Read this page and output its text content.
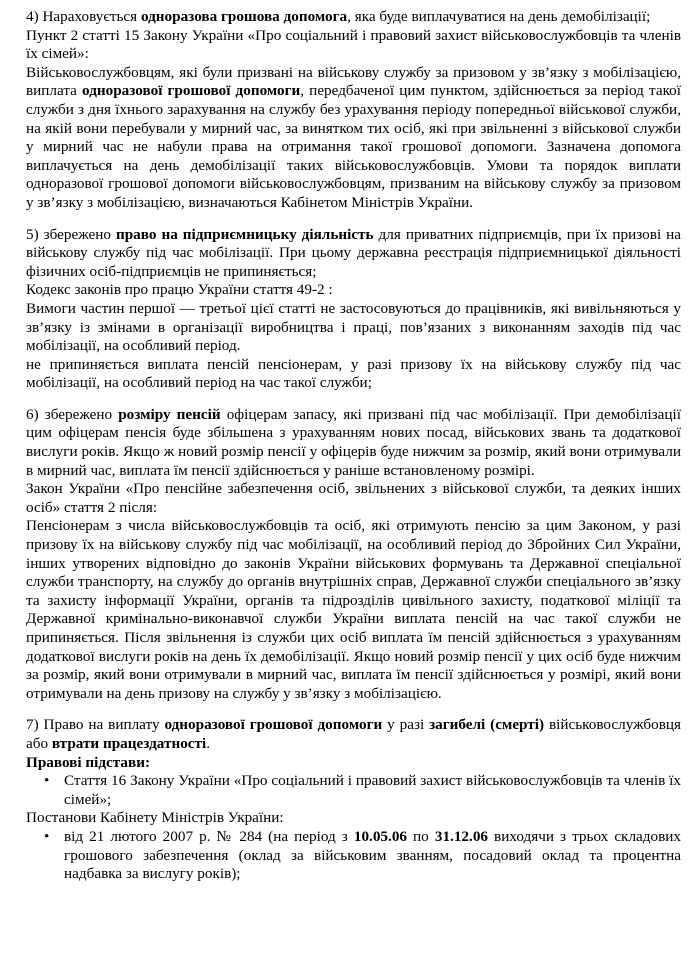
4) Нараховується одноразова грошова допомога, яка буде виплачуватися на день демобілізації;

Пункт 2 статті 15 Закону України «Про соціальний і правовий захист військовослужбовців та членів їх сімей»:

Військовослужбовцям, які були призвані на військову службу за призовом у зв’язку з мобілізацією, виплата одноразової грошової допомоги, передбаченої цим пунктом, здійснюється за період такої служби з дня їхнього зарахування на службу без урахування періоду попередньої військової служби, на якій вони перебували у мирний час, за винятком тих осіб, які при звільненні з військової служби у мирний час не набули права на отримання такої грошової допомоги. Зазначена допомога виплачується на день демобілізації таких військовослужбовців. Умови та порядок виплати одноразової грошової допомоги військовослужбовцям, призваним на військову службу за призовом у зв’язку з мобілізацією, визначаються Кабінетом Міністрів України.

5) збережено право на підприємницьку діяльність для приватних підприємців, при їх призові на військову службу під час мобілізації. При цьому державна реєстрація підприємницької діяльності фізичних осіб-підприємців не припиняється;

Кодекс законів про працю України стаття 49-2 :

Вимоги частин першої — третьої цієї статті не застосовуються до працівників, які вивільняються у зв’язку із змінами в організації виробництва і праці, пов’язаних з виконанням заходів під час мобілізації, на особливий період.

не припиняється виплата пенсій пенсіонерам, у разі призову їх на військову службу під час мобілізації, на особливий період на час такої служби;

6) збережено розміру пенсій офіцерам запасу, які призвані під час мобілізації. При демобілізації цим офіцерам пенсія буде збільшена з урахуванням нових посад, військових звань та додаткової вислуги років. Якщо ж новий розмір пенсії у офіцерів буде нижчим за розмір, який вони отримували в мирний час, виплата їм пенсії здійснюється у раніше встановленому розмірі.

Закон України «Про пенсійне забезпечення осіб, звільнених з військової служби, та деяких інших осіб» стаття 2 після:

Пенсіонерам з числа військовослужбовців та осіб, які отримують пенсію за цим Законом, у разі призову їх на військову службу під час мобілізації, на особливий період до Збройних Сил України, інших утворених відповідно до законів України військових формувань та Державної спеціальної служби транспорту, на службу до органів внутрішніх справ, Державної служби спеціального зв’язку та захисту інформації України, органів та підрозділів цивільного захисту, податкової міліції та Державної кримінально-виконавчої служби України виплата пенсій на час такої служби не припиняється. Після звільнення із служби цих осіб виплата їм пенсій здійснюється з урахуванням додаткової вислуги років на день їх демобілізації. Якщо новий розмір пенсії у цих осіб буде нижчим за розмір, який вони отримували в мирний час, виплата їм пенсії здійснюється у розмірі, який вони отримували на день призову на службу у зв’язку з мобілізацією.

7) Право на виплату одноразової грошової допомоги у разі загибелі (смерті) військовослужбовця або втрати працездатності.

Правові підстави:

• Стаття 16 Закону України «Про соціальний і правовий захист військовослужбовців та членів їх сімей»;

Постанови Кабінету Міністрів України:

• від 21 лютого 2007 р. № 284 (на період з 10.05.06 по 31.12.06 виходячи з трьох складових грошового забезпечення (оклад за військовим званням, посадовий оклад та процентна надбавка за вислугу років);
